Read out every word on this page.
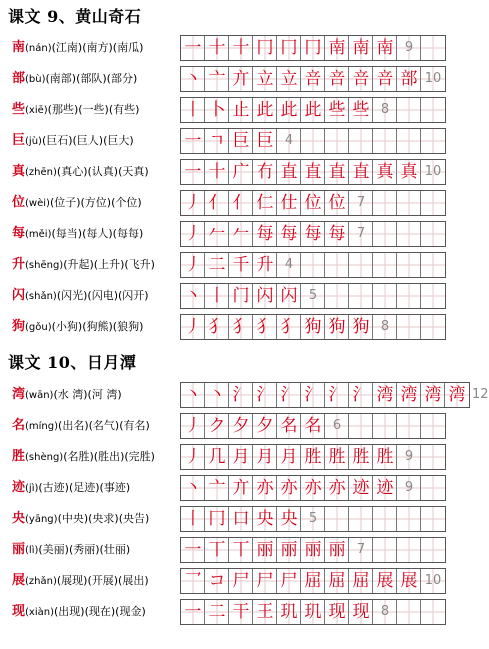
课文 9、黄山奇石
南(nán)(江南)(南方)(南瓜) 一 十 十 冂 冂 冂 南 南 南 9
部(bù)(南部)(部队)(部分)	丶 亠 亣 立 立 咅 咅 咅 咅 部 10
些(xiē)(那些)(一些)(有些)	丨 卜 止 此 此 此 些 些 8
巨(jù)(巨石)(巨人)(巨大)	一 ㄱ 巨 巨 4
真(zhēn)(真心)(认真)(天真) 一 十 广 冇 直 直 直 直 真 真 10
位(wèi)(位子)(方位)(个位)	丿 亻 亻 仁 仕 位 位 7
每(měi)(每当)(每人)(每每) 丿 𠂉 𠂉 每 每 每 每 7
升(shēng)(升起)(上升)(飞升) 丿 二 千 升 4
闪(shǎn)(闪光)(闪电)(闪开) 丶 丨 门 闪 闪 5
狗(gǒu)(小狗)(狗熊)(狼狗) 丿 犭 犭 犭 犭 狗 狗 狗 8
课文 10、日月潭
湾(wān)(水 湾)(河 湾)	丶 丶 氵 氵 氵 氵 氵 氵 湾 湾 湾 湾 12
名(míng)(出名)(名气)(有名) 丿 ク 夕 夕 名 名 6
胜(shèng)(名胜)(胜出)(完胜) 丿 几 月 月 月 胜 胜 胜 胜 9
迹(jì)(古迹)(足迹)(事迹)	丶 亠 亣 亦 亦 亦 亦 迹 迹 9
央(yāng)(中央)(央求)(央告) 丨 冂 口 央 央 5
丽(lì)(美丽)(秀丽)(壮丽)	一 丅 丅 丽 丽 丽 丽 7
展(zhǎn)(展现)(开展)(展出) 乛 コ 尸 尸 尸 屈 屈 屈 展 展 10
现(xiàn)(出现)(现在)(现金) 一 二 干 王 玑 玑 现 现 8
